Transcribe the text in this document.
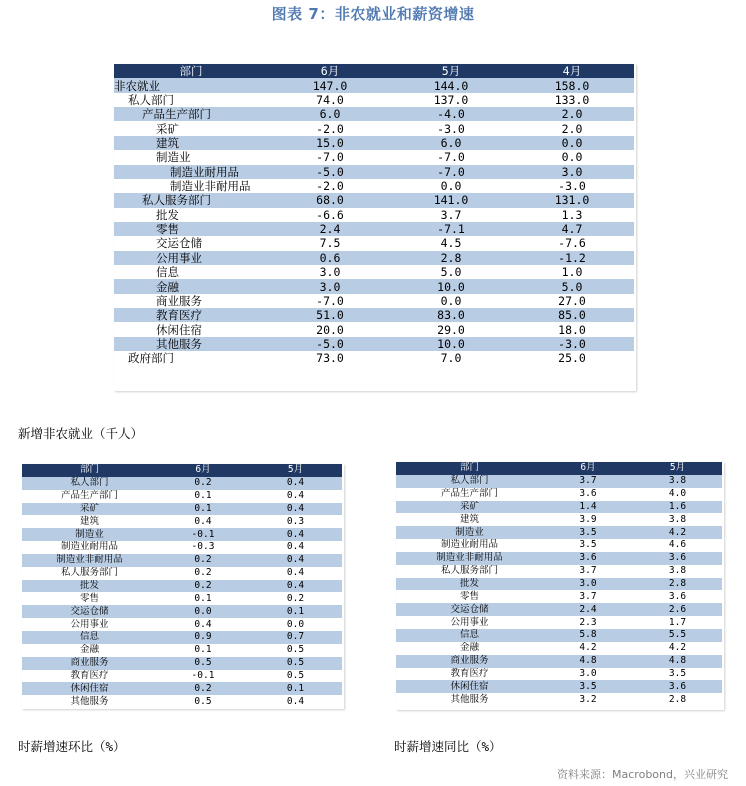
图表 7：非农就业和薪资增速
部门	6月	5月	4月
非农就业	147.0	144.0	158.0
私人部门	74.0	137.0	133.0
产品生产部门	6.0	-4.0	2.0
采矿	-2.0	-3.0	2.0
建筑	15.0	6.0	0.0
制造业	-7.0	-7.0	0.0
制造业耐用品	-5.0	-7.0	3.0
制造业非耐用品	-2.0	0.0	-3.0
私人服务部门	68.0	141.0	131.0
批发	-6.6	3.7	1.3
零售	2.4	-7.1	4.7
交运仓储	7.5	4.5	-7.6
公用事业	0.6	2.8	-1.2
信息	3.0	5.0	1.0
金融	3.0	10.0	5.0
商业服务	-7.0	0.0	27.0
教育医疗	51.0	83.0	85.0
休闲住宿	20.0	29.0	18.0
其他服务	-5.0	10.0	-3.0
政府部门	73.0	7.0	25.0
新增非农就业（千人）
部门	6月	5月
私人部门	0.2	0.4
产品生产部门	0.1	0.4
采矿	0.1	0.4
建筑	0.4	0.3
制造业	-0.1	0.4
制造业耐用品	-0.3	0.4
制造业非耐用品	0.2	0.4
私人服务部门	0.2	0.4
批发	0.2	0.4
零售	0.1	0.2
交运仓储	0.0	0.1
公用事业	0.4	0.0
信息	0.9	0.7
金融	0.1	0.5
商业服务	0.5	0.5
教育医疗	-0.1	0.5
休闲住宿	0.2	0.1
其他服务	0.5	0.4
时薪增速环比（%）
部门	6月	5月
私人部门	3.7	3.8
产品生产部门	3.6	4.0
采矿	1.4	1.6
建筑	3.9	3.8
制造业	3.5	4.2
制造业耐用品	3.5	4.6
制造业非耐用品	3.6	3.6
私人服务部门	3.7	3.8
批发	3.0	2.8
零售	3.7	3.6
交运仓储	2.4	2.6
公用事业	2.3	1.7
信息	5.8	5.5
金融	4.2	4.2
商业服务	4.8	4.8
教育医疗	3.0	3.5
休闲住宿	3.5	3.6
其他服务	3.2	2.8
时薪增速同比（%）
资料来源：Macrobond，兴业研究
